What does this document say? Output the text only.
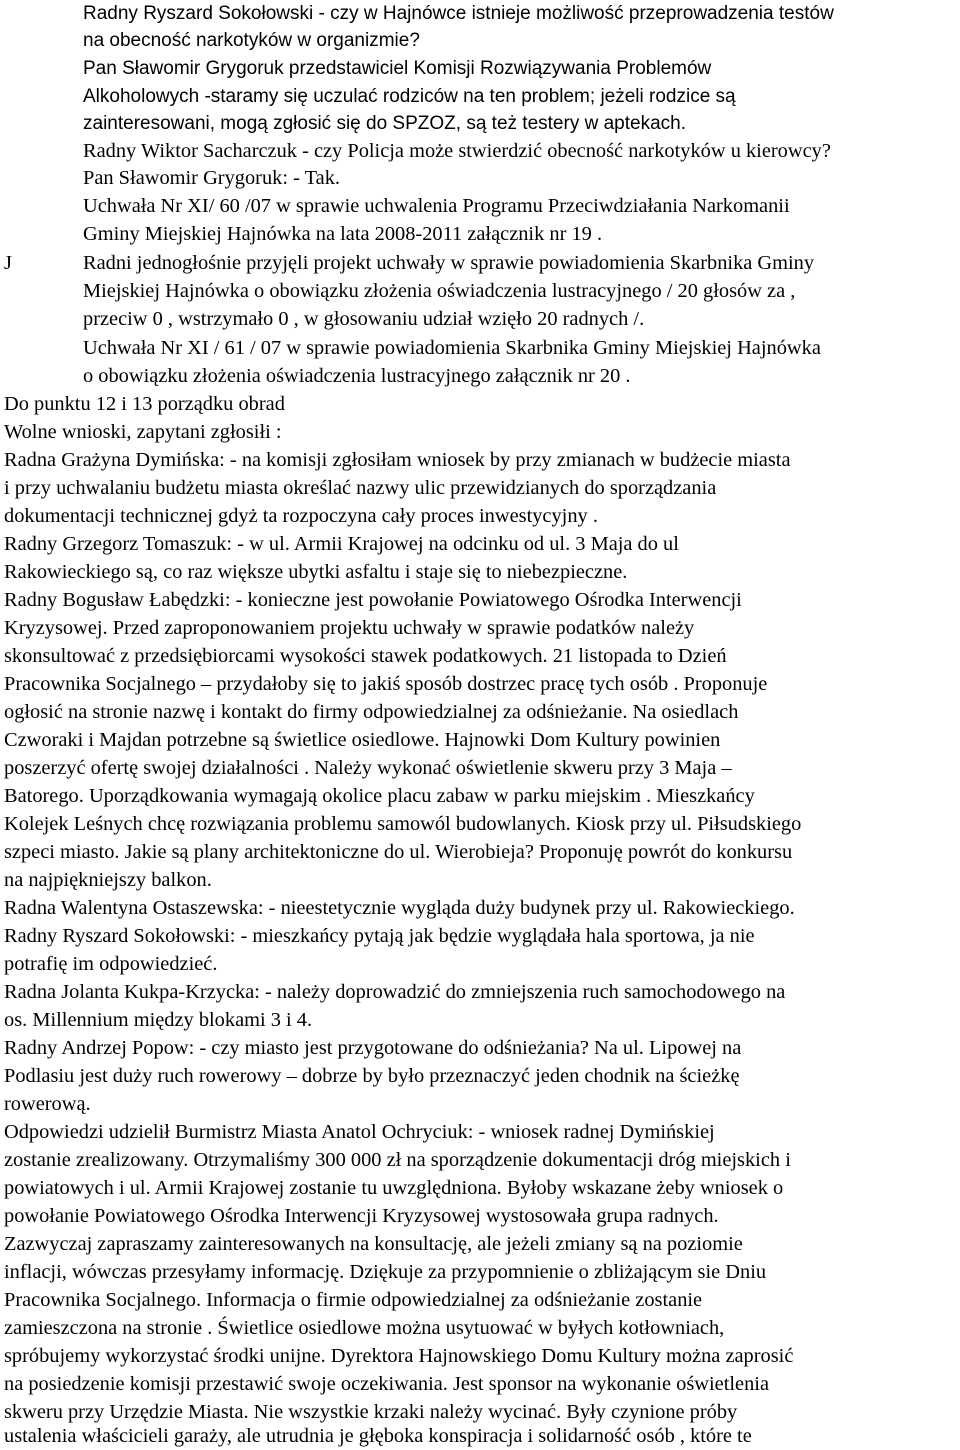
Radny Ryszard Sokołowski - czy w Hajnówce istnieje możliwość przeprowadzenia testów
na obecność narkotyków w organizmie?
Pan Sławomir Grygoruk przedstawiciel Komisji Rozwiązywania Problemów
Alkoholowych -staramy się uczulać rodziców na ten problem; jeżeli rodzice są
zainteresowani, mogą zgłosić się do SPZOZ, są też testery w aptekach.
Radny Wiktor Sacharczuk - czy Policja może stwierdzić obecność narkotyków u kierowcy?
Pan Sławomir Grygoruk: - Tak.
Uchwała Nr XI/ 60 /07 w sprawie uchwalenia Programu Przeciwdziałania Narkomanii
Gminy Miejskiej Hajnówka na lata 2008-2011 załącznik nr 19 .
J	Radni jednogłośnie przyjęli projekt uchwały w sprawie powiadomienia Skarbnika Gminy
Miejskiej Hajnówka o obowiązku złożenia oświadczenia lustracyjnego / 20 głosów za ,
przeciw 0 , wstrzymało 0 , w głosowaniu udział wzięło 20 radnych /.
Uchwała Nr XI / 61 / 07 w sprawie powiadomienia Skarbnika Gminy Miejskiej Hajnówka
o obowiązku złożenia oświadczenia lustracyjnego załącznik nr 20 .
Do punktu 12 i 13 porządku obrad
Wolne wnioski, zapytani zgłosiłi :
Radna Grażyna Dymińska: - na komisji zgłosiłam wniosek by przy zmianach w budżecie miasta
i przy uchwalaniu budżetu miasta określać nazwy ulic przewidzianych do sporządzania
dokumentacji technicznej gdyż ta rozpoczyna cały proces inwestycyjny .
Radny Grzegorz Tomaszuk: - w ul. Armii Krajowej na odcinku od ul. 3 Maja do ul
Rakowieckiego są, co raz większe ubytki asfaltu i staje się to niebezpieczne.
Radny Bogusław Łabędzki: - konieczne jest powołanie Powiatowego Ośrodka Interwencji
Kryzysowej. Przed zaproponowaniem projektu uchwały w sprawie podatków należy
skonsultować z przedsiębiorcami wysokości stawek podatkowych. 21 listopada to Dzień
Pracownika Socjalnego – przydałoby się to jakiś sposób dostrzec pracę tych osób . Proponuje
ogłosić na stronie nazwę i kontakt do firmy odpowiedzialnej za odśnieżanie. Na osiedlach
Czworaki i Majdan potrzebne są świetlice osiedlowe. Hajnowki Dom Kultury powinien
poszerzyć ofertę swojej działalności . Należy wykonać oświetlenie skweru przy 3 Maja –
Batorego. Uporządkowania wymagają okolice placu zabaw w parku miejskim . Mieszkańcy
Kolejek Leśnych chcę rozwiązania problemu samowól budowlanych. Kiosk przy ul. Piłsudskiego
szpeci miasto. Jakie są plany architektoniczne do ul. Wierobieja? Proponuję powrót do konkursu
na najpiękniejszy balkon.
Radna Walentyna Ostaszewska: - nieestetycznie wygląda duży budynek przy ul. Rakowieckiego.
Radny Ryszard Sokołowski: - mieszkańcy pytają jak będzie wyglądała hala sportowa, ja nie
potrafię im odpowiedzieć.
Radna Jolanta Kukpa-Krzycka: - należy doprowadzić do zmniejszenia ruch samochodowego na
os. Millennium między blokami 3 i 4.
Radny Andrzej Popow: - czy miasto jest przygotowane do odśnieżania? Na ul. Lipowej na
Podlasiu jest duży ruch rowerowy – dobrze by było przeznaczyć jeden chodnik na ścieżkę
rowerową.
Odpowiedzi udzielił Burmistrz Miasta Anatol Ochryciuk: - wniosek radnej Dymińskiej
zostanie zrealizowany. Otrzymaliśmy 300 000 zł na sporządzenie dokumentacji dróg miejskich i
powiatowych i ul. Armii Krajowej zostanie tu uwzględniona. Byłoby wskazane żeby wniosek o
powołanie Powiatowego Ośrodka Interwencji Kryzysowej wystosowała grupa radnych.
Zazwyczaj zapraszamy zainteresowanych na konsultację, ale jeżeli zmiany są na poziomie
inflacji, wówczas przesyłamy informację. Dziękuje za przypomnienie o zbliżającym sie Dniu
Pracownika Socjalnego. Informacja o firmie odpowiedzialnej za odśnieżanie zostanie
zamieszczona na stronie . Świetlice osiedlowe można usytuować w byłych kotłowniach,
spróbujemy wykorzystać środki unijne. Dyrektora Hajnowskiego Domu Kultury można zaprosić
na posiedzenie komisji przestawić swoje oczekiwania. Jest sponsor na wykonanie oświetlenia
skweru przy Urzędzie Miasta. Nie wszystkie krzaki należy wycinać. Były czynione próby
ustalenia właścicieli garaży, ale utrudnia je głęboka konspiracja i solidarność osób , które te
